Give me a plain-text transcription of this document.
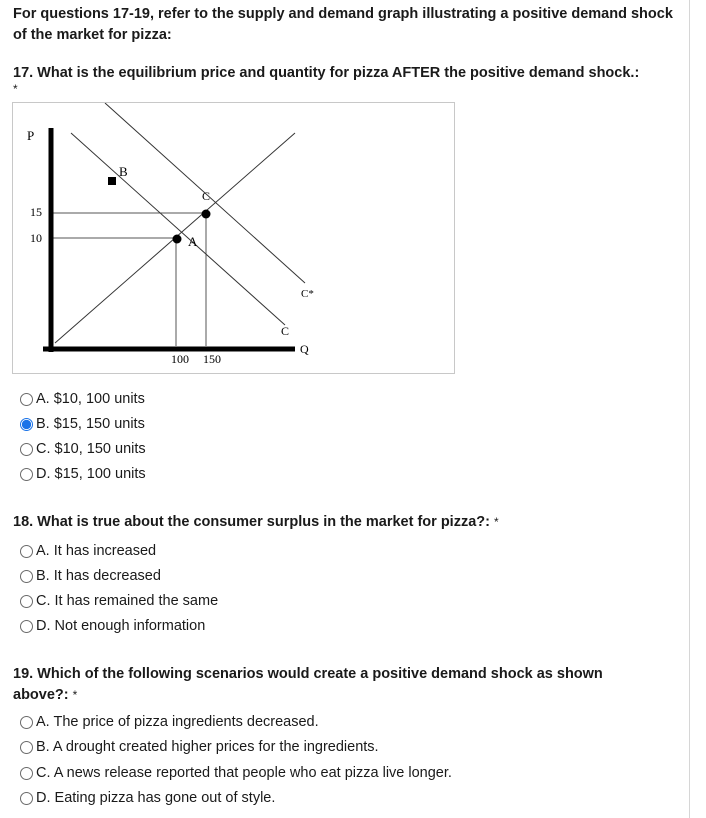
For questions 17-19, refer to the supply and demand graph illustrating a positive demand shock of the market for pizza:
17. What is the equilibrium price and quantity for pizza AFTER the positive demand shock.:
*
P
Q
15
10
100 150
B
C
A
C*
C
A. $10, 100 units
B. $15, 150 units
C. $10, 150 units
D. $15, 100 units
18. What is true about the consumer surplus in the market for pizza?: *
A. It has increased
B. It has decreased
C. It has remained the same
D. Not enough information
19. Which of the following scenarios would create a positive demand shock as shown above?: *
A. The price of pizza ingredients decreased.
B. A drought created higher prices for the ingredients.
C. A news release reported that people who eat pizza live longer.
D. Eating pizza has gone out of style.
